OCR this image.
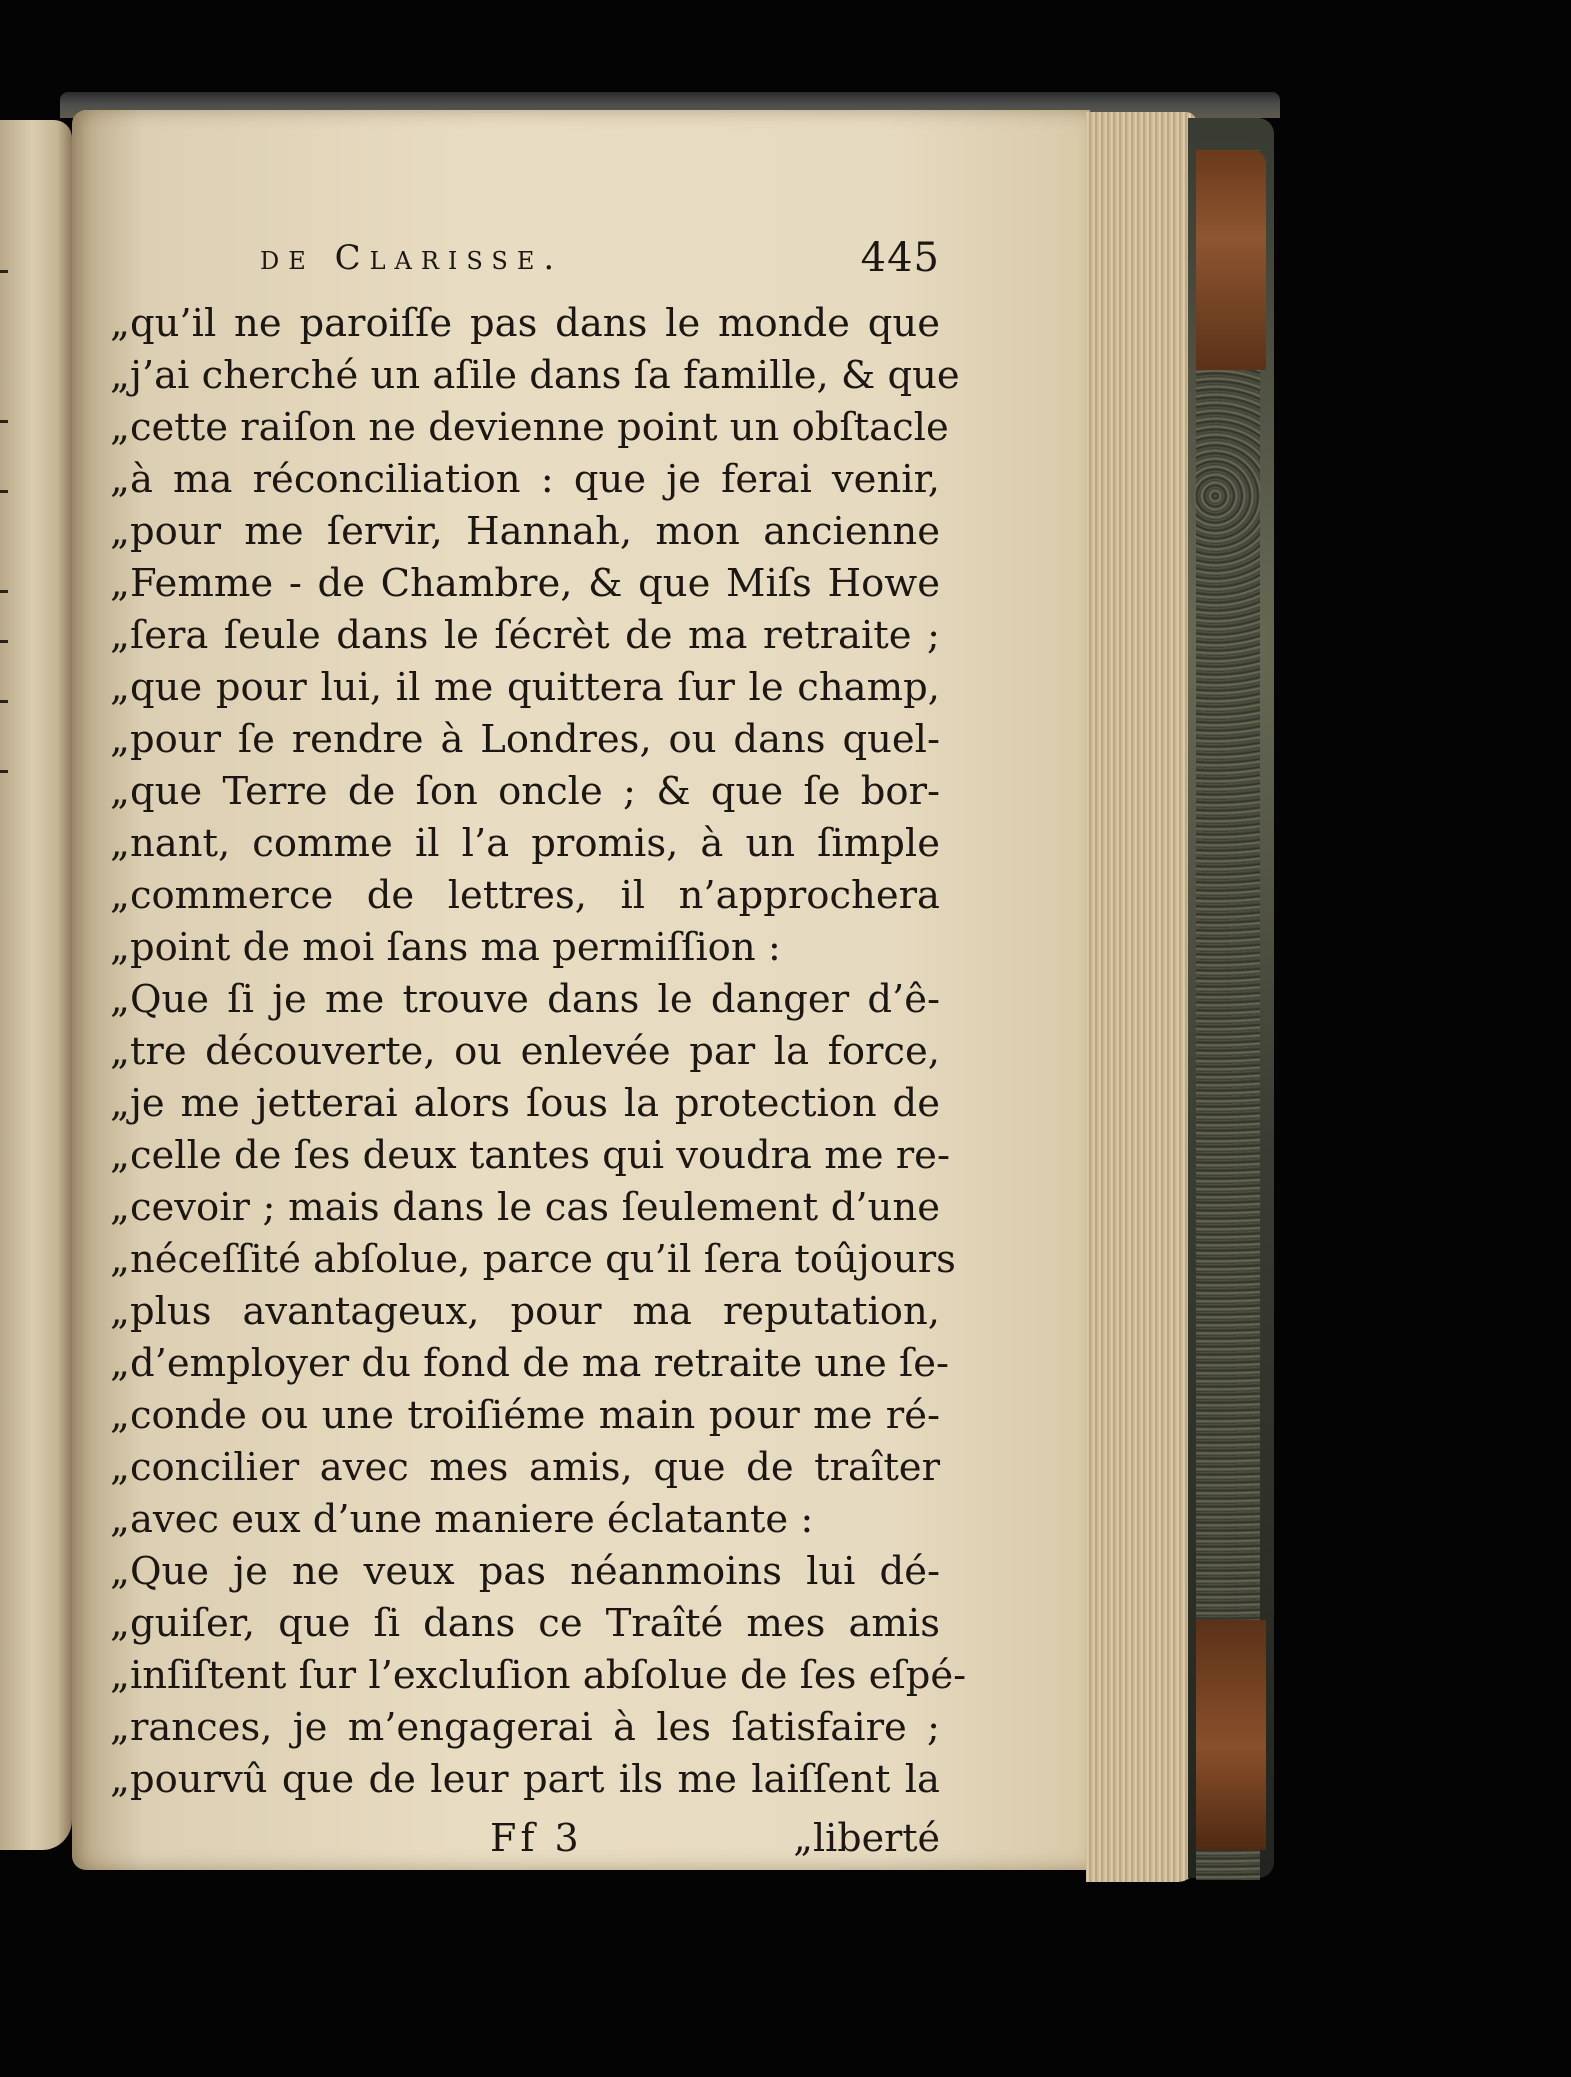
de Clarisse.	445
„qu’il ne paroiſſe pas dans le monde que
„j’ai cherché un aſile dans ſa famille, & que
„cette raiſon ne devienne point un obſtacle
„à ma réconciliation : que je ferai venir,
„pour me ſervir, Hannah, mon ancienne
„Femme - de Chambre, & que Miſs Howe
„ſera ſeule dans le ſécrèt de ma retraite ;
„que pour lui, il me quittera ſur le champ,
„pour ſe rendre à Londres, ou dans quel-
„que Terre de ſon oncle ; & que ſe bor-
„nant, comme il l’a promis, à un ſimple
„commerce de lettres, il n’approchera
„point de moi ſans ma permiſſion :
„Que ſi je me trouve dans le danger d’ê-
„tre découverte, ou enlevée par la force,
„je me jetterai alors ſous la protection de
„celle de ſes deux tantes qui voudra me re-
„cevoir ; mais dans le cas ſeulement d’une
„néceſſité abſolue, parce qu’il ſera toûjours
„plus avantageux, pour ma reputation,
„d’employer du fond de ma retraite une ſe-
„conde ou une troiſiéme main pour me ré-
„concilier avec mes amis, que de traîter
„avec eux d’une maniere éclatante :
„Que je ne veux pas néanmoins lui dé-
„guiſer, que ſi dans ce Traîté mes amis
„inſiſtent ſur l’excluſion abſolue de ſes eſpé-
„rances, je m’engagerai à les ſatisfaire ;
„pourvû que de leur part ils me laiſſent la
Ff 3	„liberté
